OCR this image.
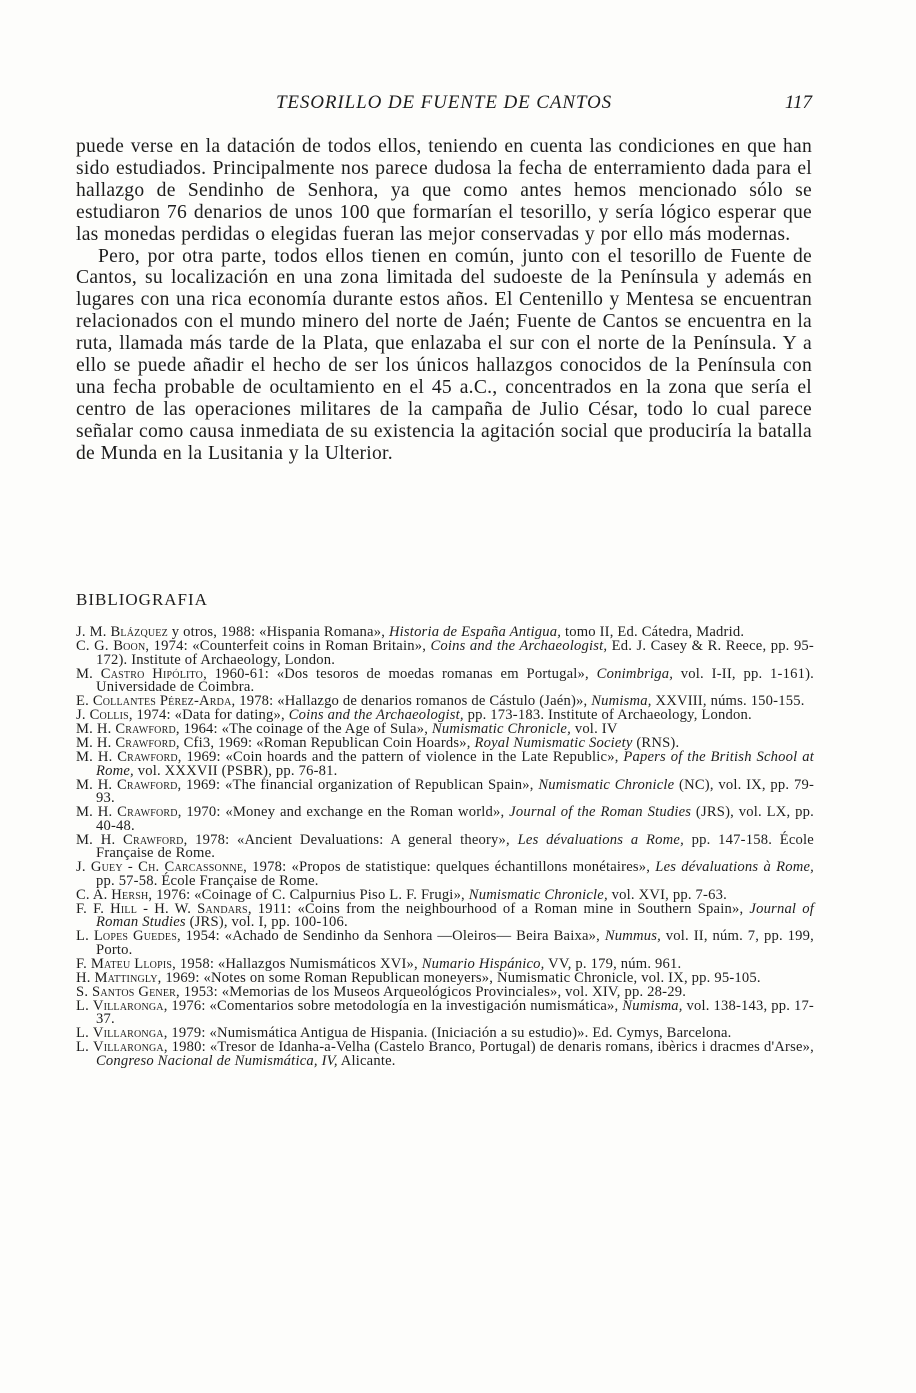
TESORILLO DE FUENTE DE CANTOS	117

puede verse en la datación de todos ellos, teniendo en cuenta las condiciones en que han sido estudiados. Principalmente nos parece dudosa la fecha de enterramiento dada para el hallazgo de Sendinho de Senhora, ya que como antes hemos mencionado sólo se estudiaron 76 denarios de unos 100 que formarían el tesorillo, y sería lógico esperar que las monedas perdidas o elegidas fueran las mejor conservadas y por ello más modernas.

Pero, por otra parte, todos ellos tienen en común, junto con el tesorillo de Fuente de Cantos, su localización en una zona limitada del sudoeste de la Península y además en lugares con una rica economía durante estos años. El Centenillo y Mentesa se encuentran relacionados con el mundo minero del norte de Jaén; Fuente de Cantos se encuentra en la ruta, llamada más tarde de la Plata, que enlazaba el sur con el norte de la Península. Y a ello se puede añadir el hecho de ser los únicos hallazgos conocidos de la Península con una fecha probable de ocultamiento en el 45 a.C., concentrados en la zona que sería el centro de las operaciones militares de la campaña de Julio César, todo lo cual parece señalar como causa inmediata de su existencia la agitación social que produciría la batalla de Munda en la Lusitania y la Ulterior.

BIBLIOGRAFIA

J. M. Blázquez y otros, 1988: «Hispania Romana», Historia de España Antigua, tomo II, Ed. Cátedra, Madrid.

C. G. Boon, 1974: «Counterfeit coins in Roman Britain», Coins and the Archaeologist, Ed. J. Casey & R. Reece, pp. 95-172). Institute of Archaeology, London.

M. Castro Hipólito, 1960-61: «Dos tesoros de moedas romanas em Portugal», Conimbriga, vol. I-II, pp. 1-161). Universidade de Coimbra.

E. Collantes Pérez-Arda, 1978: «Hallazgo de denarios romanos de Cástulo (Jaén)», Numisma, XXVIII, núms. 150-155.

J. Collis, 1974: «Data for dating», Coins and the Archaeologist, pp. 173-183. Institute of Archaeology, London.

M. H. Crawford, 1964: «The coinage of the Age of Sula», Numismatic Chronicle, vol. IV

M. H. Crawford, Cfi3, 1969: «Roman Republican Coin Hoards», Royal Numismatic Society (RNS).

M. H. Crawford, 1969: «Coin hoards and the pattern of violence in the Late Republic», Papers of the British School at Rome, vol. XXXVII (PSBR), pp. 76-81.

M. H. Crawford, 1969: «The financial organization of Republican Spain», Numismatic Chronicle (NC), vol. IX, pp. 79-93.

M. H. Crawford, 1970: «Money and exchange en the Roman world», Journal of the Roman Studies (JRS), vol. LX, pp. 40-48.

M. H. Crawford, 1978: «Ancient Devaluations: A general theory», Les dévaluations a Rome, pp. 147-158. École Française de Rome.

J. Guey - Ch. Carcassonne, 1978: «Propos de statistique: quelques échantillons monétaires», Les dévaluations à Rome, pp. 57-58. École Française de Rome.

C. A. Hersh, 1976: «Coinage of C. Calpurnius Piso L. F. Frugi», Numismatic Chronicle, vol. XVI, pp. 7-63.

F. F. Hill - H. W. Sandars, 1911: «Coins from the neighbourhood of a Roman mine in Southern Spain», Journal of Roman Studies (JRS), vol. I, pp. 100-106.

L. Lopes Guedes, 1954: «Achado de Sendinho da Senhora —Oleiros— Beira Baixa», Nummus, vol. II, núm. 7, pp. 199, Porto.

F. Mateu Llopis, 1958: «Hallazgos Numismáticos XVI», Numario Hispánico, VV, p. 179, núm. 961.

H. Mattingly, 1969: «Notes on some Roman Republican moneyers», Numismatic Chronicle, vol. IX, pp. 95-105.

S. Santos Gener, 1953: «Memorias de los Museos Arqueológicos Provinciales», vol. XIV, pp. 28-29.

L. Villaronga, 1976: «Comentarios sobre metodología en la investigación numismática», Numisma, vol. 138-143, pp. 17-37.

L. Villaronga, 1979: «Numismática Antigua de Hispania. (Iniciación a su estudio)». Ed. Cymys, Barcelona.

L. Villaronga, 1980: «Tresor de Idanha-a-Velha (Castelo Branco, Portugal) de denaris romans, ibèrics i dracmes d'Arse», Congreso Nacional de Numismática, IV, Alicante.
